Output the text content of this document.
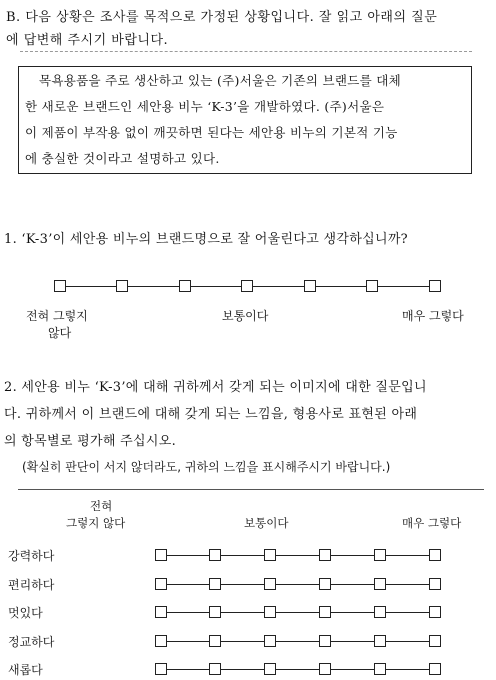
B. 다음 상황은 조사를 목적으로 가정된 상황입니다. 잘 읽고 아래의 질문
에 답변해 주시기 바랍니다.
목욕용품을 주로 생산하고 있는 (주)서울은 기존의 브랜드를 대체
한 새로운 브랜드인 세안용 비누 ‘K-3’을 개발하였다. (주)서울은
이 제품이 부작용 없이 깨끗하면 된다는 세안용 비누의 기본적 기능
에 충실한 것이라고 설명하고 있다.
1. ‘K-3’이 세안용 비누의 브랜드명으로 잘 어울린다고 생각하십니까?
전혀 그렇지
않다
보통이다	매우 그렇다
2. 세안용 비누 ‘K-3’에 대해 귀하께서 갖게 되는 이미지에 대한 질문입니
다. 귀하께서 이 브랜드에 대해 갖게 되는 느낌을, 형용사로 표현된 아래
의 항목별로 평가해 주십시오.
(확실히 판단이 서지 않더라도, 귀하의 느낌을 표시해주시기 바랍니다.)
전혀
그렇지 않다	보통이다	매우 그렇다
강력하다
편리하다
멋있다
정교하다
새롭다
